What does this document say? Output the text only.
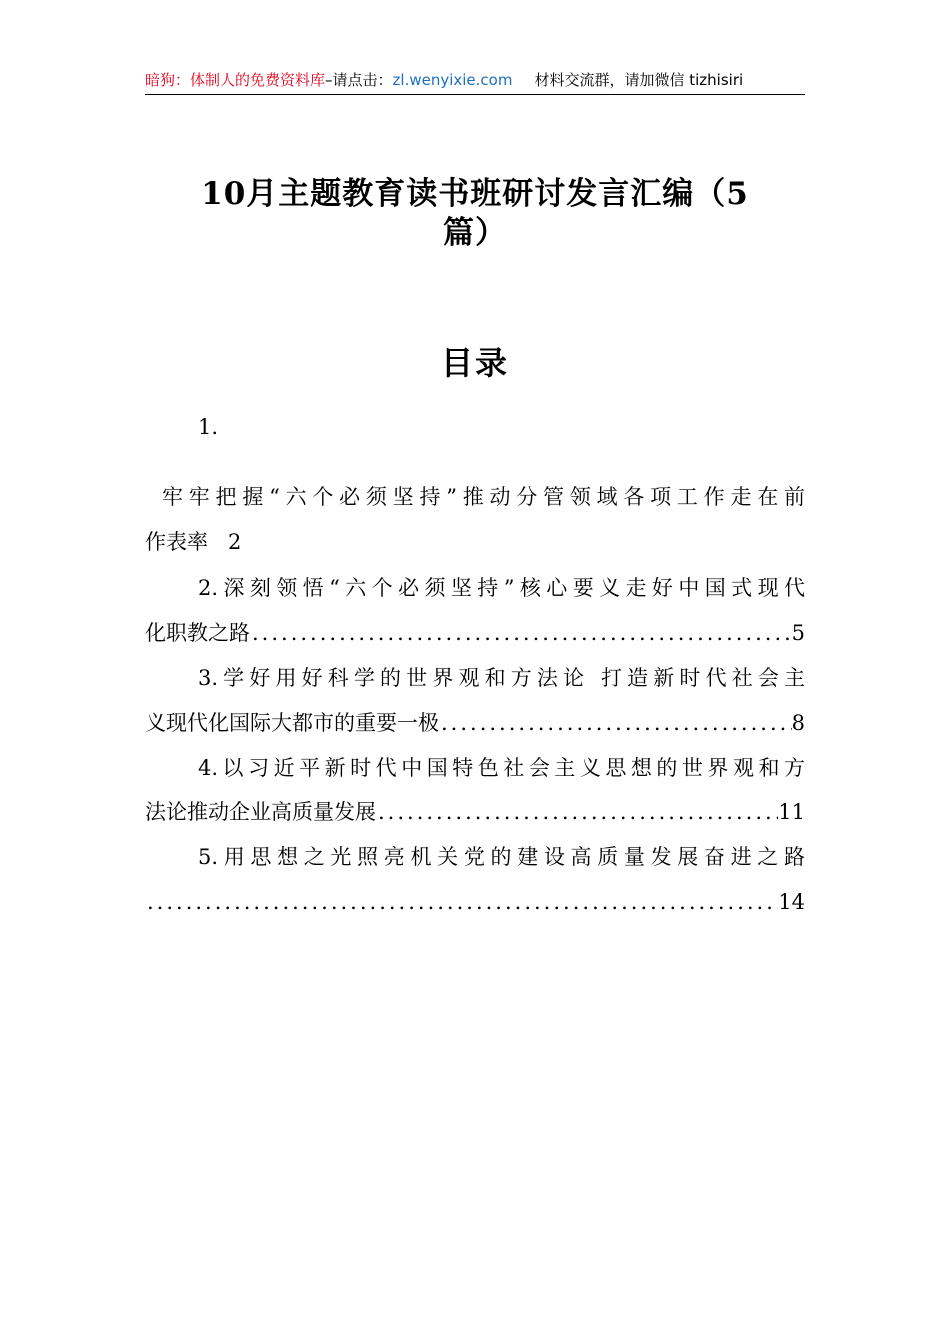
暗狗：体制人的免费资料库–请点击：zl.wenyixie.com 材料交流群，请加微信 tizhisiri
10月主题教育读书班研讨发言汇编（5
篇）
目录
1.
牢牢把握“六个必须坚持”推动分管领域各项工作走在前
作表率 2
2.深刻领悟“六个必须坚持”核心要义走好中国式现代
化职教之路 .....	5
3.学好用好科学的世界观和方法论 打造新时代社会主
义现代化国际大都市的重要一极 .....	8
4.以习近平新时代中国特色社会主义思想的世界观和方
法论推动企业高质量发展 .....	11
5.用思想之光照亮机关党的建设高质量发展奋进之路
.....
14
